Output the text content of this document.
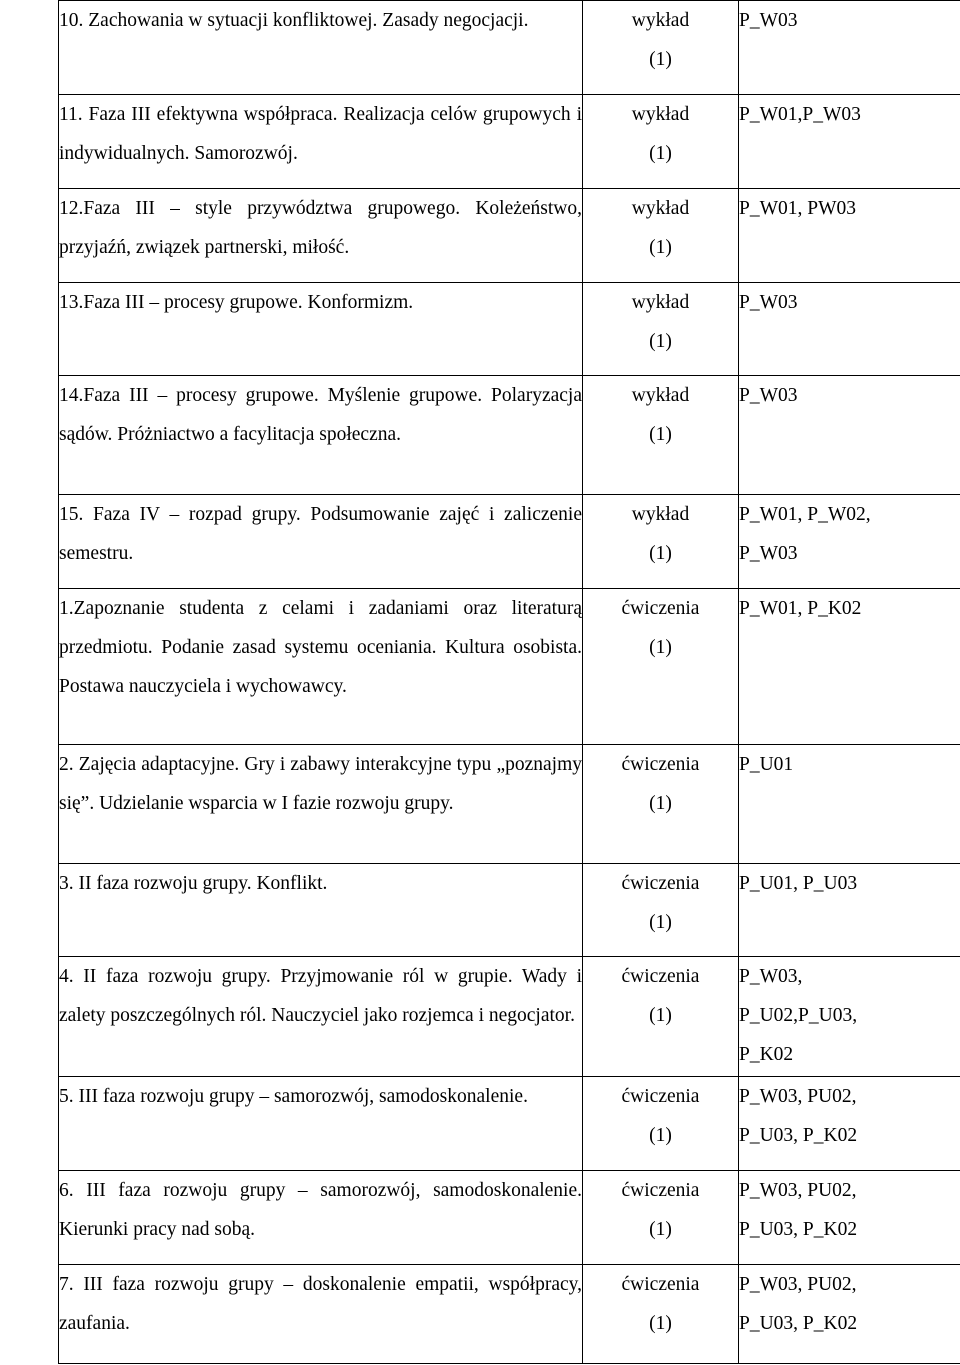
10. Zachowania w sytuacji konfliktowej. Zasady negocjacji.	wykład
(1)	P_W03

11. Faza III efektywna współpraca. Realizacja celów grupowych i indywidualnych. Samorozwój.	wykład
(1)	P_W01,P_W03

12.Faza III – style przywództwa grupowego. Koleżeństwo, przyjaźń, związek partnerski, miłość.	wykład
(1)	P_W01, PW03

13.Faza III – procesy grupowe. Konformizm.	wykład
(1)	P_W03

14.Faza III – procesy grupowe. Myślenie grupowe. Polaryzacja sądów. Próżniactwo a facylitacja społeczna.	wykład
(1)	P_W03

15. Faza IV – rozpad grupy. Podsumowanie zajęć i zaliczenie semestru.	wykład
(1)	P_W01, P_W02,
P_W03

1.Zapoznanie studenta z celami i zadaniami oraz literaturą przedmiotu. Podanie zasad systemu oceniania. Kultura osobista. Postawa nauczyciela i wychowawcy.	ćwiczenia
(1)	P_W01, P_K02

2. Zajęcia adaptacyjne. Gry i zabawy interakcyjne typu „poznajmy się”. Udzielanie wsparcia w I fazie rozwoju grupy.	ćwiczenia
(1)	P_U01

3. II faza rozwoju grupy. Konflikt.	ćwiczenia
(1)	P_U01, P_U03

4. II faza rozwoju grupy. Przyjmowanie ról w grupie. Wady i zalety poszczególnych ról. Nauczyciel jako rozjemca i negocjator.	ćwiczenia
(1)	P_W03,
P_U02,P_U03,
P_K02

5. III faza rozwoju grupy – samorozwój, samodoskonalenie.	ćwiczenia
(1)	P_W03, PU02,
P_U03, P_K02

6. III faza rozwoju grupy – samorozwój, samodoskonalenie. Kierunki pracy nad sobą.	ćwiczenia
(1)	P_W03, PU02,
P_U03, P_K02

7. III faza rozwoju grupy – doskonalenie empatii, współpracy, zaufania.	ćwiczenia
(1)	P_W03, PU02,
P_U03, P_K02
